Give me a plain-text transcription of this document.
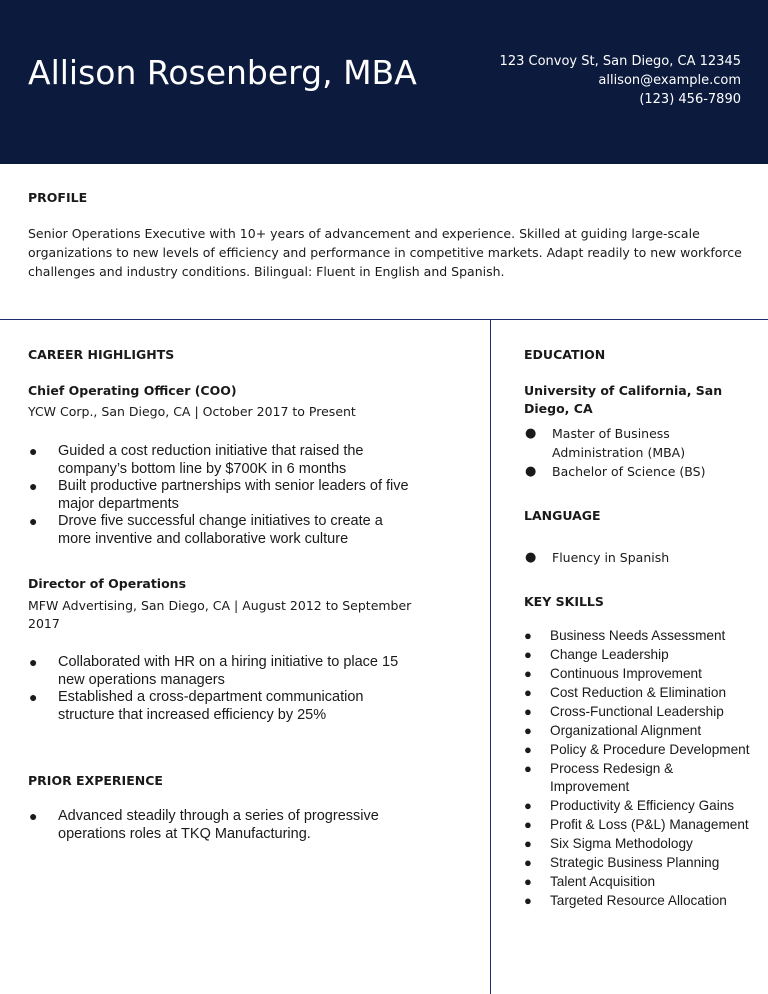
Allison Rosenberg, MBA	123 Convoy St, San Diego, CA 12345
allison@example.com
(123) 456-7890
PROFILE
Senior Operations Executive with 10+ years of advancement and experience. Skilled at guiding large-scale organizations to new levels of efficiency and performance in competitive markets. Adapt readily to new workforce challenges and industry conditions. Bilingual: Fluent in English and Spanish.
CAREER HIGHLIGHTS
Chief Operating Officer (COO)
YCW Corp., San Diego, CA | October 2017 to Present
● Guided a cost reduction initiative that raised the company’s bottom line by $700K in 6 months
● Built productive partnerships with senior leaders of five major departments
● Drove five successful change initiatives to create a more inventive and collaborative work culture
Director of Operations
MFW Advertising, San Diego, CA | August 2012 to September 2017
● Collaborated with HR on a hiring initiative to place 15 new operations managers
● Established a cross-department communication structure that increased efficiency by 25%
PRIOR EXPERIENCE
● Advanced steadily through a series of progressive operations roles at TKQ Manufacturing.
EDUCATION
University of California, San Diego, CA
● Master of Business Administration (MBA)
● Bachelor of Science (BS)
LANGUAGE
● Fluency in Spanish
KEY SKILLS
● Business Needs Assessment
● Change Leadership
● Continuous Improvement
● Cost Reduction & Elimination
● Cross-Functional Leadership
● Organizational Alignment
● Policy & Procedure Development
● Process Redesign & Improvement
● Productivity & Efficiency Gains
● Profit & Loss (P&L) Management
● Six Sigma Methodology
● Strategic Business Planning
● Talent Acquisition
● Targeted Resource Allocation
